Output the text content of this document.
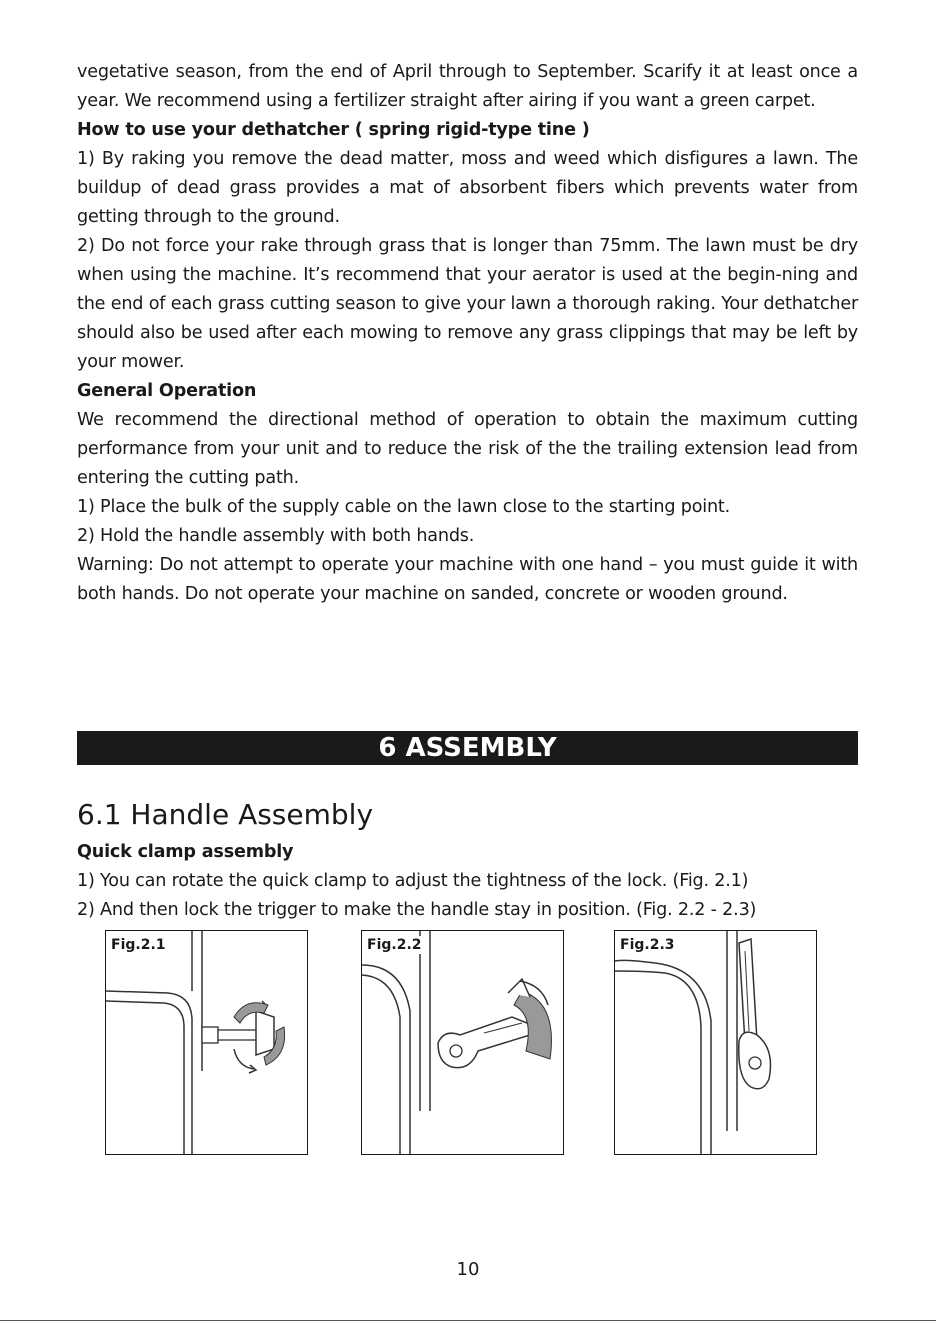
vegetative season, from the end of April through to September. Scarify it at least once a year. We recommend using a fertilizer straight after airing if you want a green carpet.

How to use your dethatcher ( spring rigid-type tine )

1) By raking you remove the dead matter, moss and weed which disfigures a lawn. The buildup of dead grass provides a mat of absorbent fibers which prevents water from getting through to the ground.

2) Do not force your rake through grass that is longer than 75mm. The lawn must be dry when using the machine. It’s recommend that your aerator is used at the begin-ning and the end of each grass cutting season to give your lawn a thorough raking. Your dethatcher should also be used after each mowing to remove any grass clippings that may be left by your mower.

General Operation

We recommend the directional method of operation to obtain the maximum cutting performance from your unit and to reduce the risk of the the trailing extension lead from entering the cutting path.

1) Place the bulk of the supply cable on the lawn close to the starting point.

2) Hold the handle assembly with both hands.

Warning: Do not attempt to operate your machine with one hand – you must guide it with both hands. Do not operate your machine on sanded, concrete or wooden ground.

6 ASSEMBLY
6.1 Handle Assembly

Quick clamp assembly

1) You can rotate the quick clamp to adjust the tightness of the lock. (Fig. 2.1)

2) And then lock the trigger to make the handle stay in position. (Fig. 2.2 - 2.3)

Fig.2.1	Fig.2.2	Fig.2.3
10
